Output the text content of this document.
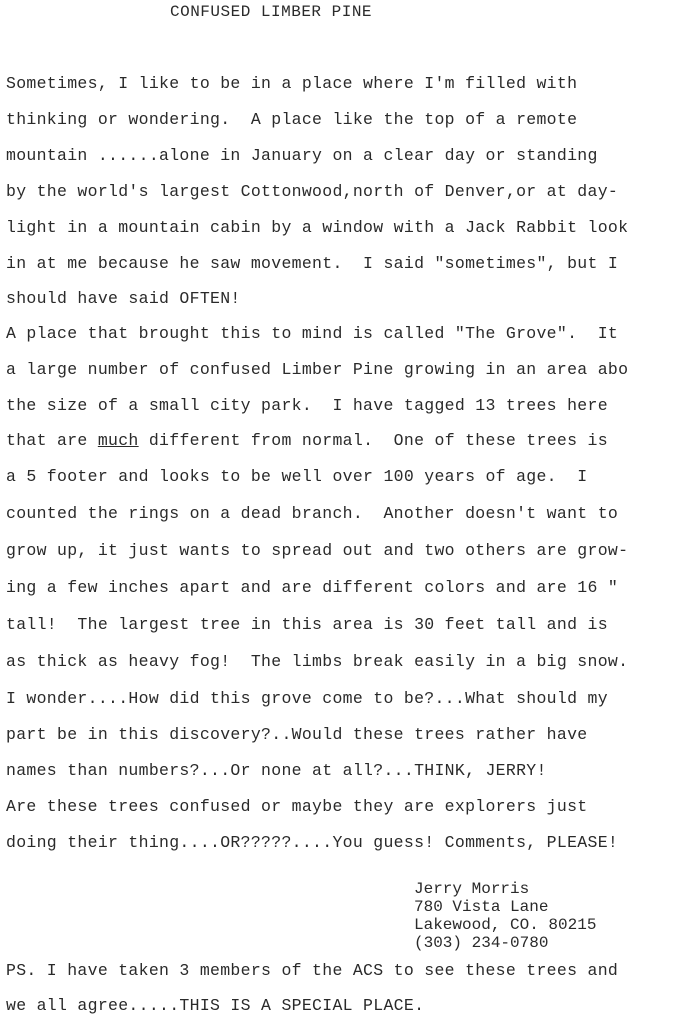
CONFUSED LIMBER PINE
Sometimes, I like to be in a place where I'm filled with
thinking or wondering.  A place like the top of a remote
mountain ......alone in January on a clear day or standing
by the world's largest Cottonwood,north of Denver,or at day-
light in a mountain cabin by a window with a Jack Rabbit look
in at me because he saw movement.  I said "sometimes", but I
should have said OFTEN!
A place that brought this to mind is called "The Grove".  It
a large number of confused Limber Pine growing in an area abo
the size of a small city park.  I have tagged 13 trees here
that are much different from normal.  One of these trees is
a 5 footer and looks to be well over 100 years of age.  I
counted the rings on a dead branch.  Another doesn't want to
grow up, it just wants to spread out and two others are grow-
ing a few inches apart and are different colors and are 16 "
tall!  The largest tree in this area is 30 feet tall and is
as thick as heavy fog!  The limbs break easily in a big snow.
I wonder....How did this grove come to be?...What should my
part be in this discovery?..Would these trees rather have
names than numbers?...Or none at all?...THINK, JERRY!
Are these trees confused or maybe they are explorers just
doing their thing....OR?????....You guess! Comments, PLEASE!
Jerry Morris
780 Vista Lane
Lakewood, CO. 80215
(303) 234-0780
PS. I have taken 3 members of the ACS to see these trees and
we all agree.....THIS IS A SPECIAL PLACE.
